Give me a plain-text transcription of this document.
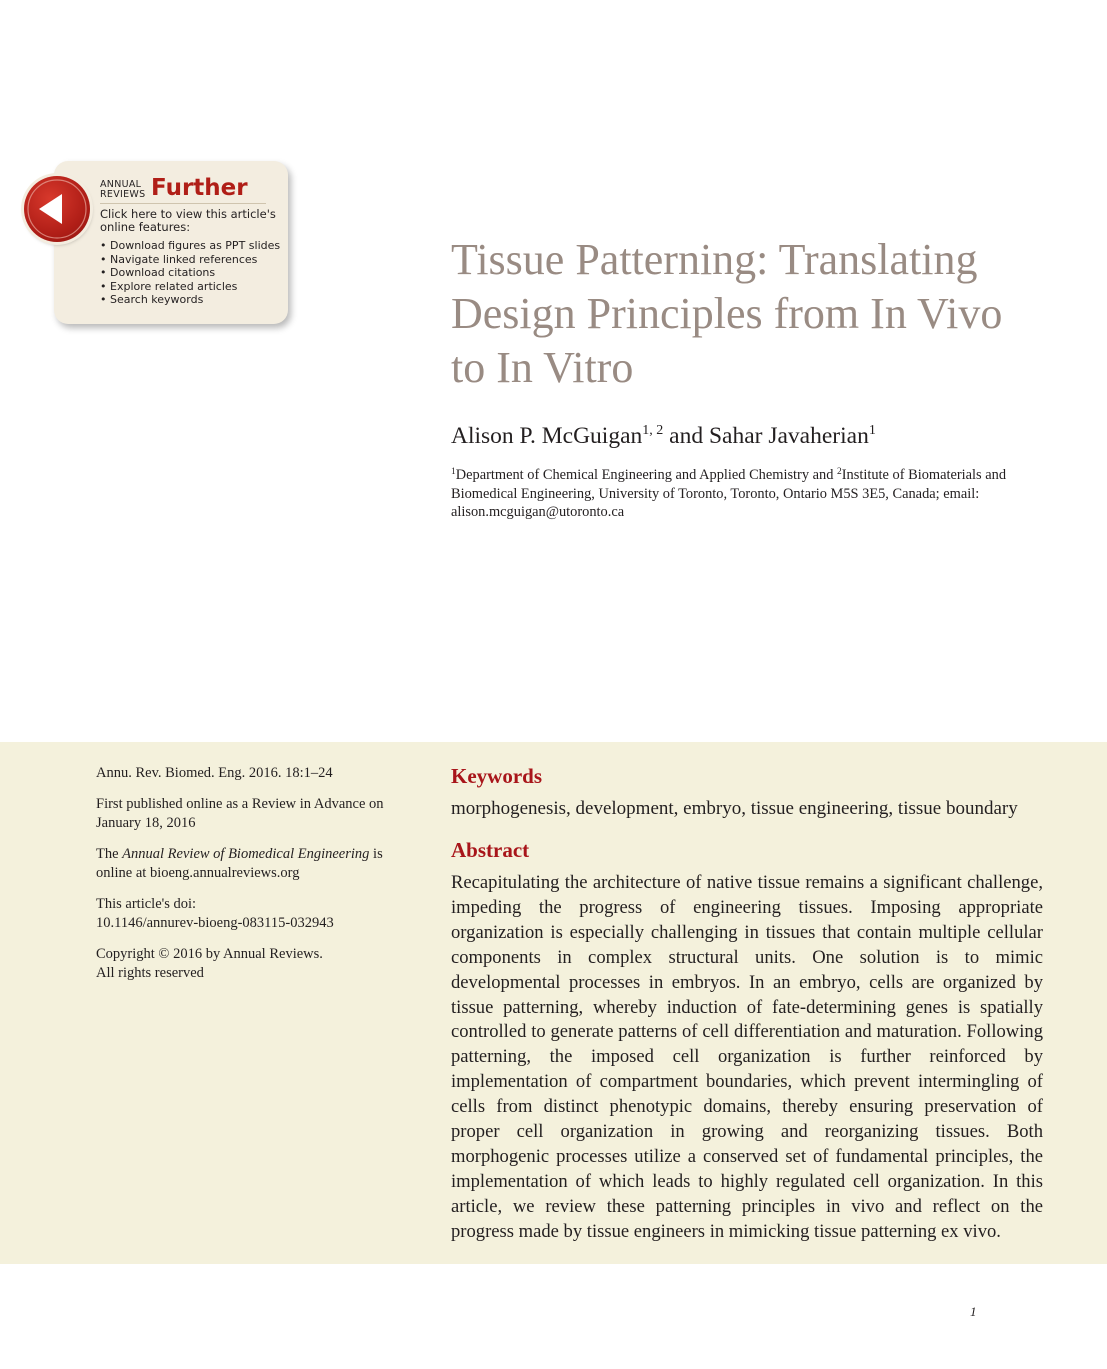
ANNUAL
REVIEWS Further
Click here to view this article's online features:
• Download figures as PPT slides
• Navigate linked references
• Download citations
• Explore related articles
• Search keywords
Tissue Patterning: Translating
Design Principles from In Vivo
to In Vitro
Alison P. McGuigan$^{1, 2}$ and Sahar Javaherian$^1$
$^1$Department of Chemical Engineering and Applied Chemistry and $^2$Institute of Biomaterials and Biomedical Engineering, University of Toronto, Toronto, Ontario M5S 3E5, Canada; email: alison.mcguigan@utoronto.ca

Annu. Rev. Biomed. Eng. 2016. 18:1–24

First published online as a Review in Advance on January 18, 2016

The Annual Review of Biomedical Engineering is online at bioeng.annualreviews.org

This article's doi:
10.1146/annurev-bioeng-083115-032943

Copyright © 2016 by Annual Reviews.
All rights reserved

Keywords
morphogenesis, development, embryo, tissue engineering, tissue boundary
Abstract

Recapitulating the architecture of native tissue remains a significant challenge, impeding the progress of engineering tissues. Imposing appropriate organization is especially challenging in tissues that contain multiple cellular components in complex structural units. One solution is to mimic developmental processes in embryos. In an embryo, cells are organized by tissue patterning, whereby induction of fate-determining genes is spatially controlled to generate patterns of cell differentiation and maturation. Following patterning, the imposed cell organization is further reinforced by implementation of compartment boundaries, which prevent intermingling of cells from distinct phenotypic domains, thereby ensuring preservation of proper cell organization in growing and reorganizing tissues. Both morphogenic processes utilize a conserved set of fundamental principles, the implementation of which leads to highly regulated cell organization. In this article, we review these patterning principles in vivo and reflect on the progress made by tissue engineers in mimicking tissue patterning ex vivo.

1
